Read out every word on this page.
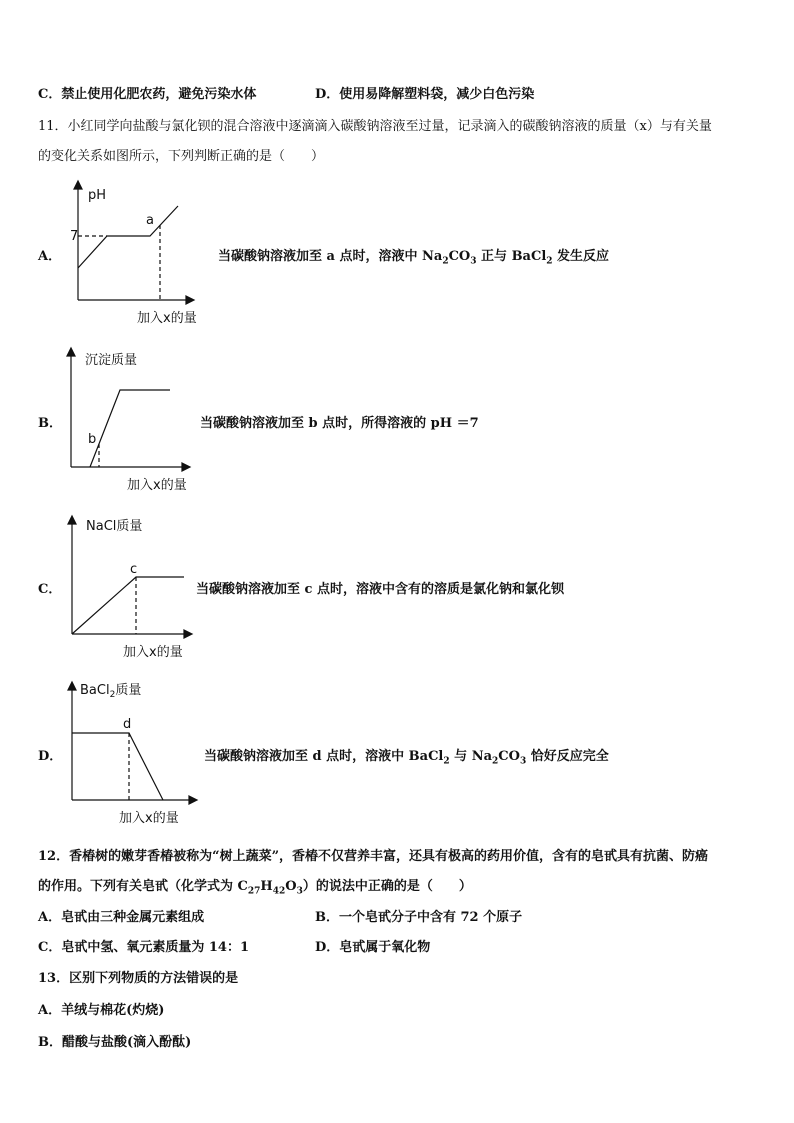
C．禁止使用化肥农药，避免污染水体	D．使用易降解塑料袋，减少白色污染
11．小红同学向盐酸与氯化钡的混合溶液中逐滴滴入碳酸钠溶液至过量，记录滴入的碳酸钠溶液的质量（x）与有关量
的变化关系如图所示，下列判断正确的是（　　）
A．
pH
7
a
加入x的量
当碳酸钠溶液加至 a 点时，溶液中 $Na_2CO_3$ 正与 BaCl$_2$ 发生反应
B．
沉淀质量
b
加入x的量
当碳酸钠溶液加至 b 点时，所得溶液的 pH ＝7
C．
NaCl质量
c
加入x的量
当碳酸钠溶液加至 c 点时，溶液中含有的溶质是氯化钠和氯化钡
D．
BaCl$_2$质量
d
加入x的量
当碳酸钠溶液加至 d 点时，溶液中 BaCl$_2$ 与 $Na_2CO_3$ 恰好反应完全
12．香椿树的嫩芽香椿被称为“树上蔬菜”，香椿不仅营养丰富，还具有极高的药用价值，含有的皂甙具有抗菌、防癌
的作用。下列有关皂甙（化学式为 $C_{27}H_{42}O_3$）的说法中正确的是（　　）
A．皂甙由三种金属元素组成	B．一个皂甙分子中含有 72 个原子
C．皂甙中氢、氧元素质量为 14：1	D．皂甙属于氧化物
13．区别下列物质的方法错误的是
A．羊绒与棉花(灼烧)
B．醋酸与盐酸(滴入酚酞)
